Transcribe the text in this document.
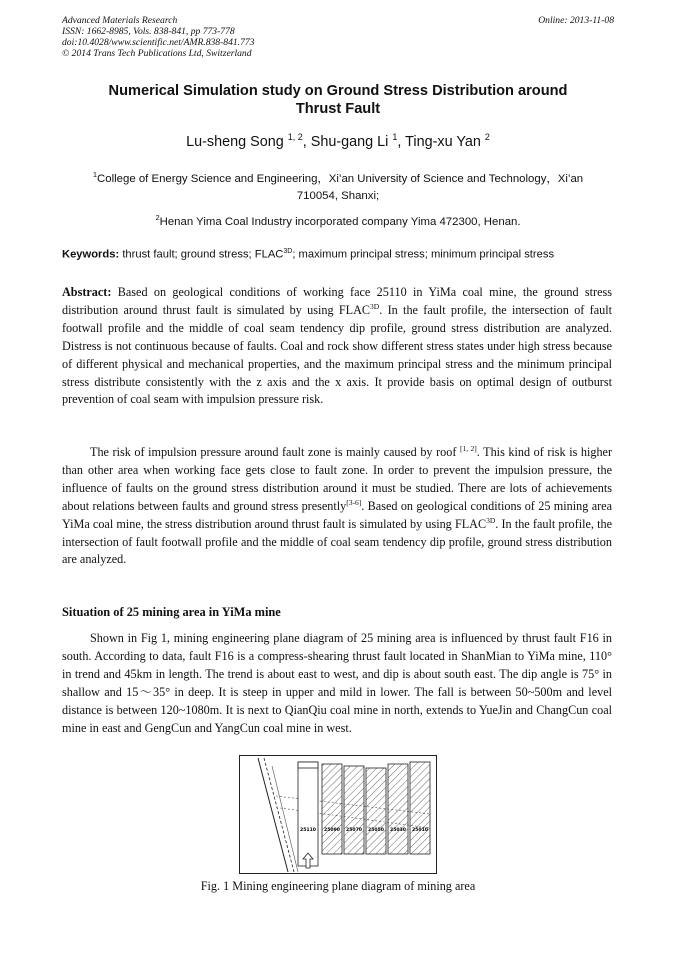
Advanced Materials Research
ISSN: 1662-8985, Vols. 838-841, pp 773-778
doi:10.4028/www.scientific.net/AMR.838-841.773
© 2014 Trans Tech Publications Ltd, Switzerland
Online: 2013-11-08
Numerical Simulation study on Ground Stress Distribution around
Thrust Fault
Lu-sheng Song $^{1, 2}$, Shu-gang Li $^1$, Ting-xu Yan $^2$
$^1$College of Energy Science and Engineering，Xi’an University of Science and Technology，Xi’an
710054, Shanxi;
$^2$Henan Yima Coal Industry incorporated company Yima 472300, Henan.
Keywords: thrust fault; ground stress; $FLAC^{3D}$; maximum principal stress; minimum principal stress
Abstract: Based on geological conditions of working face 25110 in YiMa coal mine, the ground stress distribution around thrust fault is simulated by using $FLAC^{3D}$. In the fault profile, the intersection of fault footwall profile and the middle of coal seam tendency dip profile, ground stress distribution are analyzed. Distress is not continuous because of faults. Coal and rock show different stress states under high stress because of different physical and mechanical properties, and the maximum principal stress and the minimum principal stress distribute consistently with the z axis and the x axis. It provide basis on optimal design of outburst prevention of coal seam with impulsion pressure risk.
The risk of impulsion pressure around fault zone is mainly caused by roof [1, 2]. This kind of risk is higher than other area when working face gets close to fault zone. In order to prevent the impulsion pressure, the influence of faults on the ground stress distribution around it must be studied. There are lots of achievements about relations between faults and ground stress presently[3-6]. Based on geological conditions of 25 mining area YiMa coal mine, the stress distribution around thrust fault is simulated by using $FLAC^{3D}$. In the fault profile, the intersection of fault footwall profile and the middle of coal seam tendency dip profile, ground stress distribution are analyzed.
Situation of 25 mining area in YiMa mine
Shown in Fig 1, mining engineering plane diagram of 25 mining area is influenced by thrust fault F16 in south. According to data, fault F16 is a compress-shearing thrust fault located in ShanMian to YiMa mine, 110° in trend and 45km in length. The trend is about east to west, and dip is about south east. The dip angle is 75° in shallow and 15～35° in deep. It is steep in upper and mild in lower. The fall is between 50~500m and level distance is between 120~1080m. It is next to QianQiu coal mine in north, extends to YueJin and ChangCun coal mine in east and GengCun and YangCun coal mine in west.
25110 25090 25070 25050 25030 25010
Fig. 1 Mining engineering plane diagram of mining area
